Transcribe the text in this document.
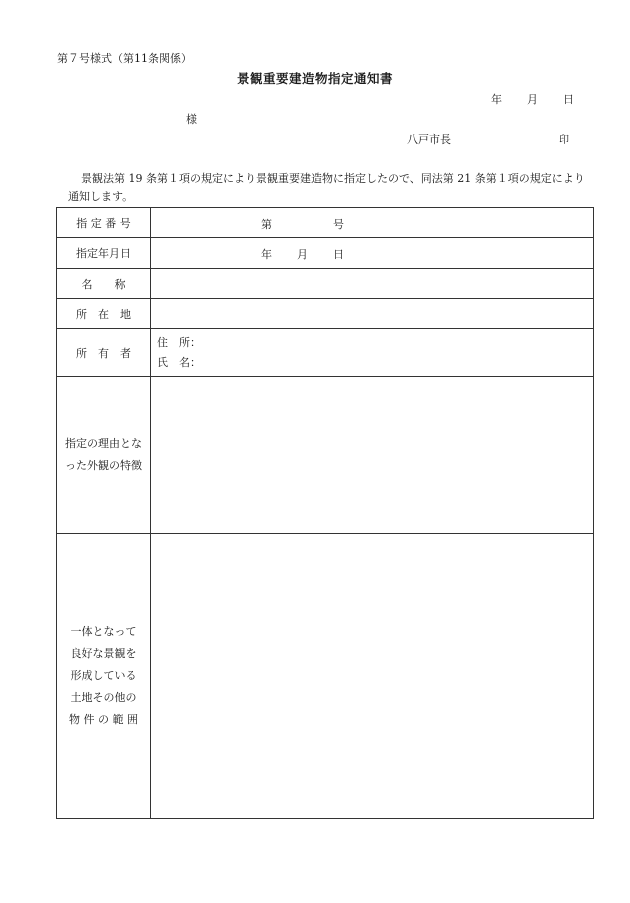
第７号様式（第11条関係）
景観重要建造物指定通知書
年 月 日
様
八戸市長	印
景観法第 19 条第１項の規定により景観重要建造物に指定したので、同法第 21 条第１項の規定により通知します。
指 定 番 号	第 号

指定年月日	年 月 日

名　　称	
所　在　地	
所　有　者	住　所：
氏　名：

指定の理由とな
った外観の特徴	

一体となって
良好な景観を
形成している
土地その他の
物 件 の 範 囲	
